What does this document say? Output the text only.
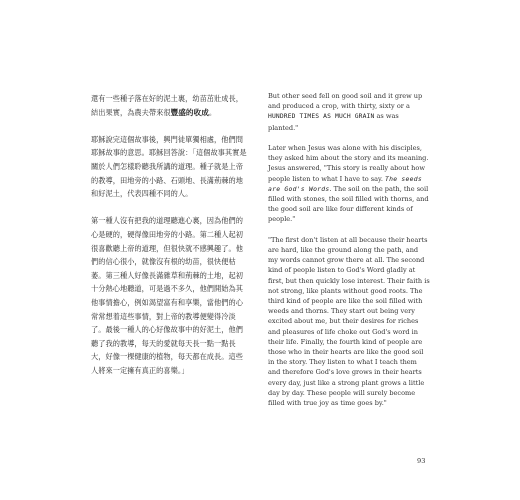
還有一些種子落在好的泥土裏，幼苗茁壯成長，結出果實，為農夫帶來很豐盛的收成。

耶穌說完這個故事後，興門徒單獨相處，他們問耶穌故事的意思。耶穌回答說：「這個故事其實是關於人們怎樣聆聽我所講的道理。種子就是上帝的教導，田地旁的小路、石頭地、長滿荊棘的地和好泥土，代表四種不同的人。

第一種人沒有把我的道理聽進心裏，因為他們的心是硬的，硬得像田地旁的小路。第二種人起初很喜歡聽上帝的道理，但很快就不感興趣了。他們的信心很小，就像沒有根的幼苗，很快便枯萎。第三種人好像長滿雜草和荊棘的土地，起初十分熱心地聽道，可是過不多久，他們開始為其他事情擔心，例如渴望富有和享樂，當他們的心常常想着這些事情，對上帝的教導便變得冷淡了。最後一種人的心好像故事中的好泥土，他們聽了我的教導，每天的愛就每天長一點一點長大，好像一棵健康的植物，每天都在成長。這些人將來一定擁有真正的喜樂。」

But other seed fell on good soil and it grew up and produced a crop, with thirty, sixty or a HUNDRED TIMES AS MUCH GRAIN as was planted."

Later when Jesus was alone with his disciples, they asked him about the story and its meaning. Jesus answered, "This story is really about how people listen to what I have to say. The seeds are God's Words. The soil on the path, the soil filled with stones, the soil filled with thorns, and the good soil are like four different kinds of people."

"The first don't listen at all because their hearts are hard, like the ground along the path, and my words cannot grow there at all. The second kind of people listen to God's Word gladly at first, but then quickly lose interest. Their faith is not strong, like plants without good roots. The third kind of people are like the soil filled with weeds and thorns. They start out being very excited about me, but their desires for riches and pleasures of life choke out God's word in their life. Finally, the fourth kind of people are those who in their hearts are like the good soil in the story. They listen to what I teach them and therefore God's love grows in their hearts every day, just like a strong plant grows a little day by day. These people will surely become filled with true joy as time goes by."

93
